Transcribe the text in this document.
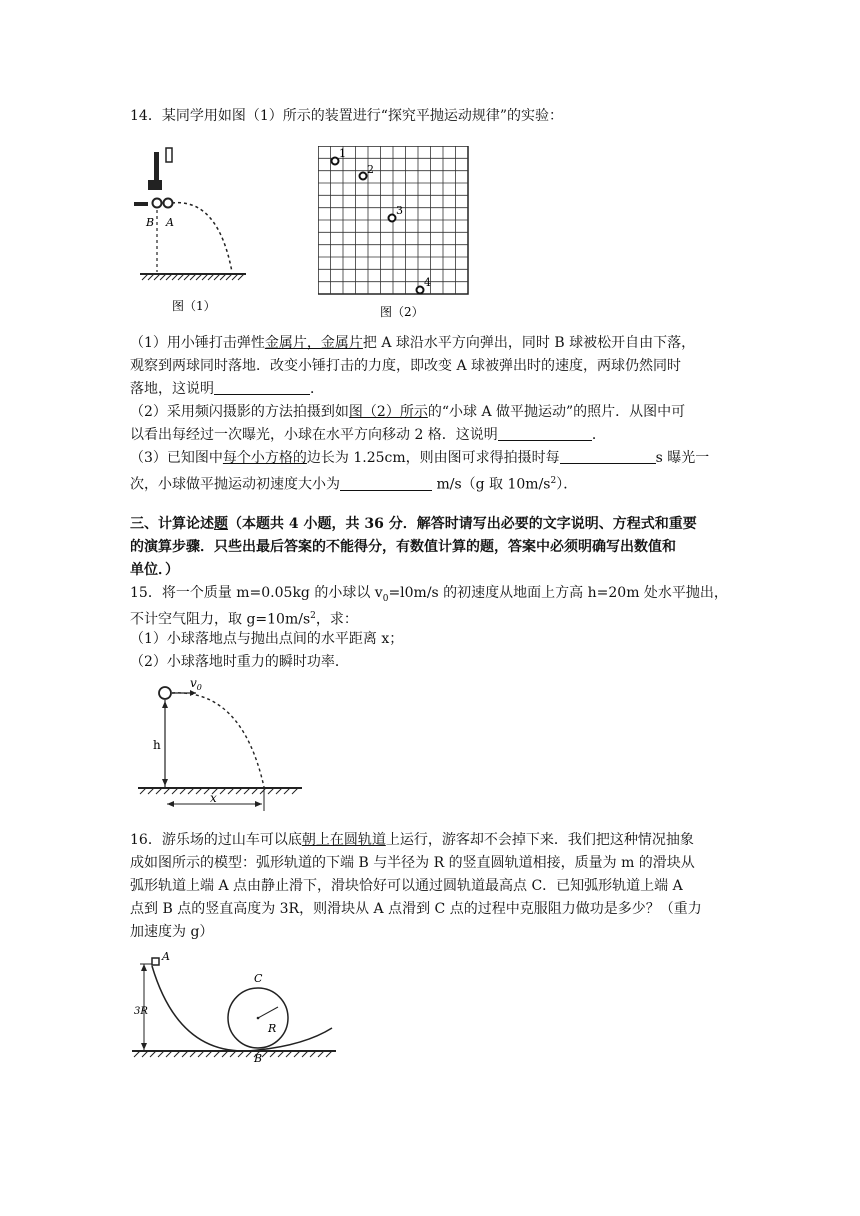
14．某同学用如图（1）所示的装置进行“探究平抛运动规律”的实验：
B A
图（1）
1
2
3
4
图（2）
（1）用小锤打击弹性金属片，金属片把 A 球沿水平方向弹出，同时 B 球被松开自由下落，
观察到两球同时落地．改变小锤打击的力度，即改变 A 球被弹出时的速度，两球仍然同时
落地，这说明	．
（2）采用频闪摄影的方法拍摄到如图（2）所示的“小球 A 做平抛运动”的照片．从图中可
以看出每经过一次曝光，小球在水平方向移动 2 格．这说明	．
（3）已知图中每个小方格的边长为 1.25cm，则由图可求得拍摄时每	s 曝光一
次，小球做平抛运动初速度大小为	m/s（g 取 $10m/s^2$）．
三、计算论述题（本题共 4 小题，共 36 分．解答时请写出必要的文字说明、方程式和重要
的演算步骤．只些出最后答案的不能得分，有数值计算的题，答案中必须明确写出数值和
单位．）
15．将一个质量 m=0.05kg 的小球以 $v_0=l0m/s$ 的初速度从地面上方高 h=20m 处水平抛出，
不计空气阻力，取 $g=10m/s^2$，求：
（1）小球落地点与抛出点间的水平距离 x；
（2）小球落地时重力的瞬时功率．
$v_0$
h
x
16．游乐场的过山车可以底朝上在圆轨道上运行，游客却不会掉下来．我们把这种情况抽象
成如图所示的模型：弧形轨道的下端 B 与半径为 R 的竖直圆轨道相接，质量为 m 的滑块从
弧形轨道上端 A 点由静止滑下，滑块恰好可以通过圆轨道最高点 C．已知弧形轨道上端 A
点到 B 点的竖直高度为 3R，则滑块从 A 点滑到 C 点的过程中克服阻力做功是多少？（重力
加速度为 g）
A
C
R
B
3R
